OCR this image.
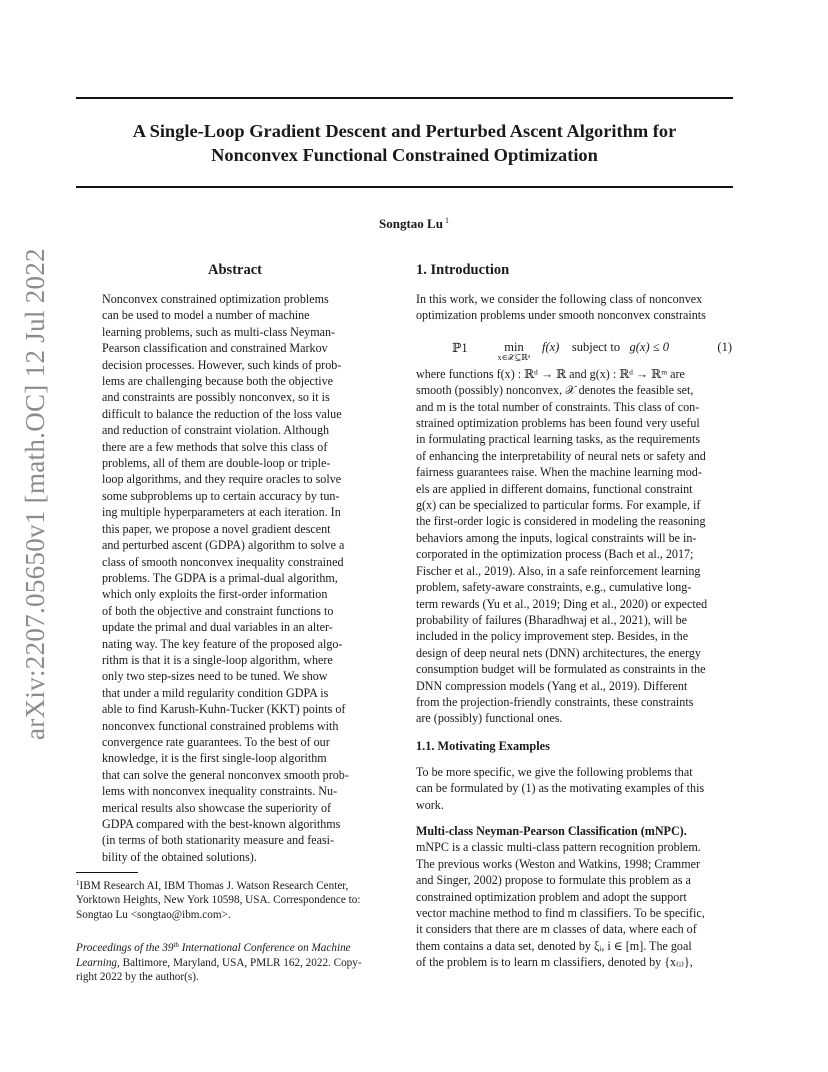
A Single-Loop Gradient Descent and Perturbed Ascent Algorithm for
Nonconvex Functional Constrained Optimization
Songtao Lu $^1$
arXiv:2207.05650v1 [math.OC] 12 Jul 2022	Abstract
Nonconvex constrained optimization problems
can be used to model a number of machine
learning problems, such as multi-class Neyman-
Pearson classification and constrained Markov
decision processes. However, such kinds of prob-
lems are challenging because both the objective
and constraints are possibly nonconvex, so it is
difficult to balance the reduction of the loss value
and reduction of constraint violation. Although
there are a few methods that solve this class of
problems, all of them are double-loop or triple-
loop algorithms, and they require oracles to solve
some subproblems up to certain accuracy by tun-
ing multiple hyperparameters at each iteration. In
this paper, we propose a novel gradient descent
and perturbed ascent (GDPA) algorithm to solve a
class of smooth nonconvex inequality constrained
problems. The GDPA is a primal-dual algorithm,
which only exploits the first-order information
of both the objective and constraint functions to
update the primal and dual variables in an alter-
nating way. The key feature of the proposed algo-
rithm is that it is a single-loop algorithm, where
only two step-sizes need to be tuned. We show
that under a mild regularity condition GDPA is
able to find Karush-Kuhn-Tucker (KKT) points of
nonconvex functional constrained problems with
convergence rate guarantees. To the best of our
knowledge, it is the first single-loop algorithm
that can solve the general nonconvex smooth prob-
lems with nonconvex inequality constraints. Nu-
merical results also showcase the superiority of
GDPA compared with the best-known algorithms
(in terms of both stationarity measure and feasi-
bility of the obtained solutions).
$^1$IBM Research AI, IBM Thomas J. Watson Research Center,
Yorktown Heights, New York 10598, USA. Correspondence to:
Songtao Lu <songtao@ibm.com>.
Proceedings of the 39th International Conference on Machine
Learning, Baltimore, Maryland, USA, PMLR 162, 2022. Copy-
right 2022 by the author(s).
1. Introduction
In this work, we consider the following class of nonconvex
optimization problems under smooth nonconvex constraints
ℙ1	min
x∈𝒳⊆ℝᵈ
f(x) subject to g(x) ≤ 0	(1)
where functions f(x) : ℝᵈ → ℝ and g(x) : ℝᵈ → ℝᵐ are
smooth (possibly) nonconvex, 𝒳 denotes the feasible set,
and m is the total number of constraints. This class of con-
strained optimization problems has been found very useful
in formulating practical learning tasks, as the requirements
of enhancing the interpretability of neural nets or safety and
fairness guarantees raise. When the machine learning mod-
els are applied in different domains, functional constraint
g(x) can be specialized to particular forms. For example, if
the first-order logic is considered in modeling the reasoning
behaviors among the inputs, logical constraints will be in-
corporated in the optimization process (Bach et al., 2017;
Fischer et al., 2019). Also, in a safe reinforcement learning
problem, safety-aware constraints, e.g., cumulative long-
term rewards (Yu et al., 2019; Ding et al., 2020) or expected
probability of failures (Bharadhwaj et al., 2021), will be
included in the policy improvement step. Besides, in the
design of deep neural nets (DNN) architectures, the energy
consumption budget will be formulated as constraints in the
DNN compression models (Yang et al., 2019). Different
from the projection-friendly constraints, these constraints
are (possibly) functional ones.
1.1. Motivating Examples
To be more specific, we give the following problems that
can be formulated by (1) as the motivating examples of this
work.
Multi-class Neyman-Pearson Classification (mNPC).
mNPC is a classic multi-class pattern recognition problem.
The previous works (Weston and Watkins, 1998; Crammer
and Singer, 2002) propose to formulate this problem as a
constrained optimization problem and adopt the support
vector machine method to find m classifiers. To be specific,
it considers that there are m classes of data, where each of
them contains a data set, denoted by ξᵢ, i ∈ [m]. The goal
of the problem is to learn m classifiers, denoted by {x₍ᵢ₎},
